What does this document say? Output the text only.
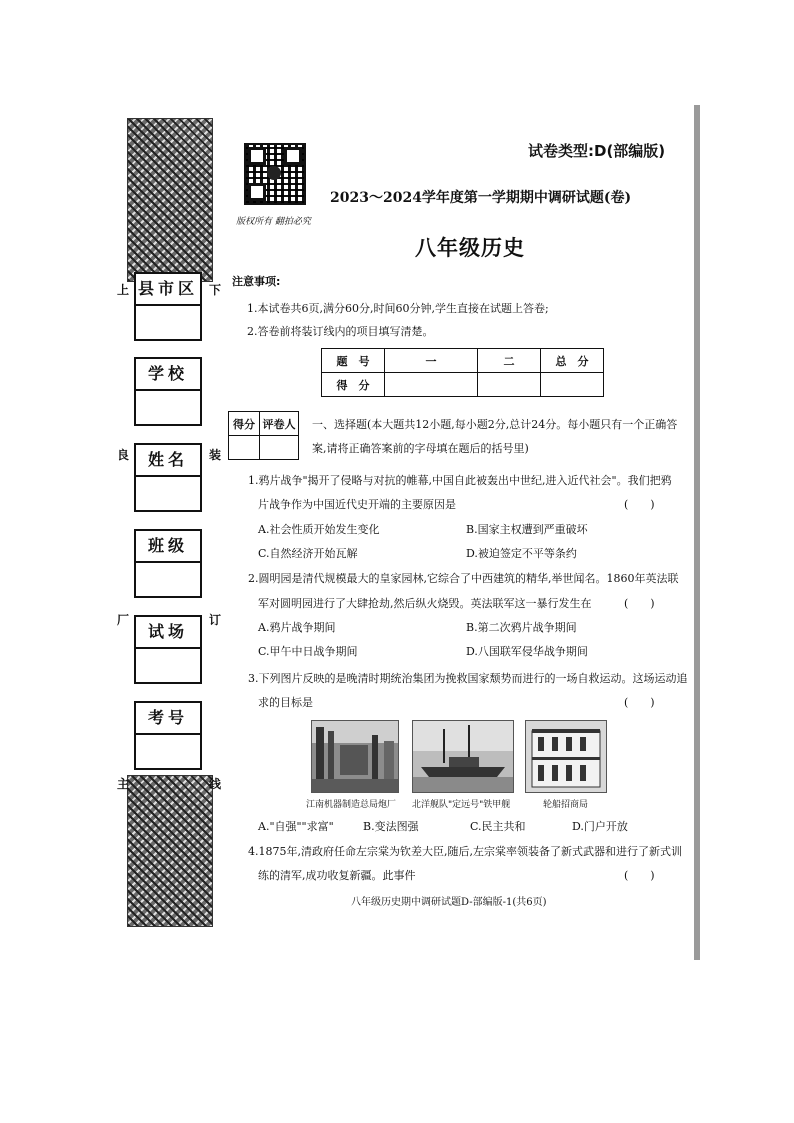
上
良
厂
主
下
装
订
线
县市区
学校
姓名
班级
试场
考号
版权所有 翻拍必究
试卷类型:D(部编版)
2023～2024学年度第一学期期中调研试题(卷)
八年级历史
注意事项:
1.本试卷共6页,满分60分,时间60分钟,学生直接在试题上答卷;
2.答卷前将装订线内的项目填写清楚。
题　号	一	二	总　分
得　分			
得分	评卷人
	一、选择题(本大题共12小题,每小题2分,总计24分。每小题只有一个正确答
案,请将正确答案前的字母填在题后的括号里)
1.鸦片战争"揭开了侵略与对抗的帷幕,中国自此被轰出中世纪,进入近代社会"。我们把鸦
片战争作为中国近代史开端的主要原因是	(　　)
A.社会性质开始发生变化	B.国家主权遭到严重破坏
C.自然经济开始瓦解	D.被迫签定不平等条约
2.圆明园是清代规模最大的皇家园林,它综合了中西建筑的精华,举世闻名。1860年英法联
军对圆明园进行了大肆抢劫,然后纵火烧毁。英法联军这一暴行发生在	(　　)
A.鸦片战争期间	B.第二次鸦片战争期间
C.甲午中日战争期间	D.八国联军侵华战争期间
3.下列图片反映的是晚清时期统治集团为挽救国家颓势而进行的一场自救运动。这场运动追
求的目标是	(　　)
江南机器制造总局炮厂 北洋舰队"定远号"铁甲舰	轮船招商局
A."自强""求富"	B.变法图强	C.民主共和	D.门户开放
4.1875年,清政府任命左宗棠为钦差大臣,随后,左宗棠率领装备了新式武器和进行了新式训
练的清军,成功收复新疆。此事件	(　　)
八年级历史期中调研试题D-部编版-1(共6页)
